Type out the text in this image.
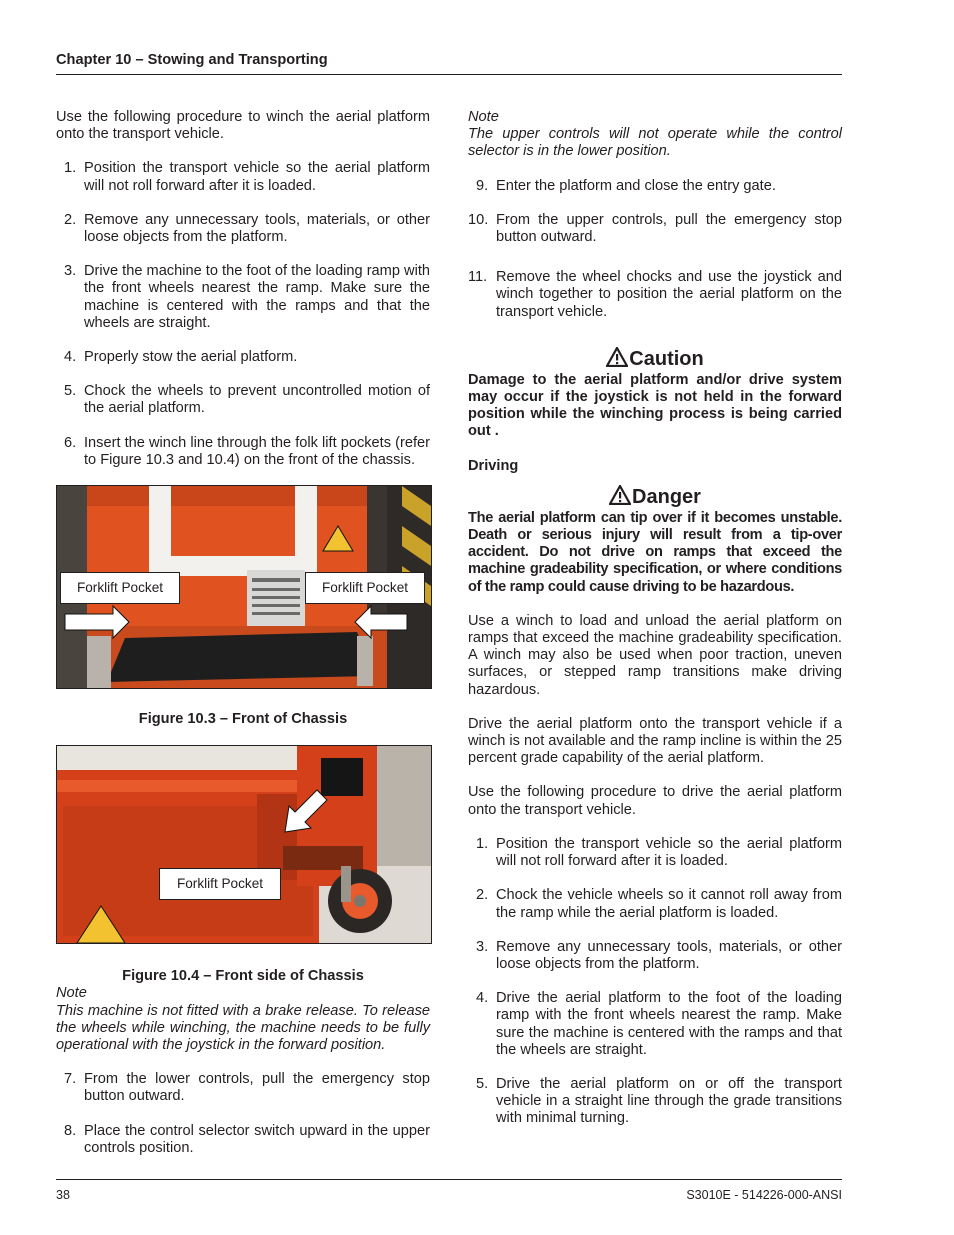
Chapter 10 – Stowing and Transporting

Use the following procedure to winch the aerial platform onto the transport vehicle.

1. Position the transport vehicle so the aerial platform will not roll forward after it is loaded.
2. Remove any unnecessary tools, materials, or other loose objects from the platform.
3. Drive the machine to the foot of the loading ramp with the front wheels nearest the ramp. Make sure the machine is centered with the ramps and that the wheels are straight.
4. Properly stow the aerial platform.
5. Chock the wheels to prevent uncontrolled motion of the aerial platform.
6. Insert the winch line through the folk lift pockets (refer to Figure 10.3 and 10.4) on the front of the chassis.
Forklift Pocket	Forklift Pocket
Figure 10.3 – Front of Chassis
Forklift Pocket
Figure 10.4 – Front side of Chassis

Note

This machine is not fitted with a brake release. To release the wheels while winching, the machine needs to be fully operational with the joystick in the forward position.

7. From the lower controls, pull the emergency stop button outward.
8. Place the control selector switch upward in the upper controls position.

Note

The upper controls will not operate while the control selector is in the lower position.

9. Enter the platform and close the entry gate.
10. From the upper controls, pull the emergency stop button outward.
11. Remove the wheel chocks and use the joystick and winch together to position the aerial platform on the transport vehicle.
Caution

Damage to the aerial platform and/or drive system may occur if the joystick is not held in the forward position while the winching process is being carried out .

Driving

Danger

The aerial platform can tip over if it becomes unstable. Death or serious injury will result from a tip-over accident. Do not drive on ramps that exceed the machine gradeability specification, or where conditions of the ramp could cause driving to be hazardous.

Use a winch to load and unload the aerial platform on ramps that exceed the machine gradeability specification. A winch may also be used when poor traction, uneven surfaces, or stepped ramp transitions make driving hazardous.

Drive the aerial platform onto the transport vehicle if a winch is not available and the ramp incline is within the 25 percent grade capability of the aerial platform.

Use the following procedure to drive the aerial platform onto the transport vehicle.

1. Position the transport vehicle so the aerial platform will not roll forward after it is loaded.
2. Chock the vehicle wheels so it cannot roll away from the ramp while the aerial platform is loaded.
3. Remove any unnecessary tools, materials, or other loose objects from the platform.
4. Drive the aerial platform to the foot of the loading ramp with the front wheels nearest the ramp. Make sure the machine is centered with the ramps and that the wheels are straight.
5. Drive the aerial platform on or off the transport vehicle in a straight line through the grade transitions with minimal turning.
38	S3010E - 514226-000-ANSI
